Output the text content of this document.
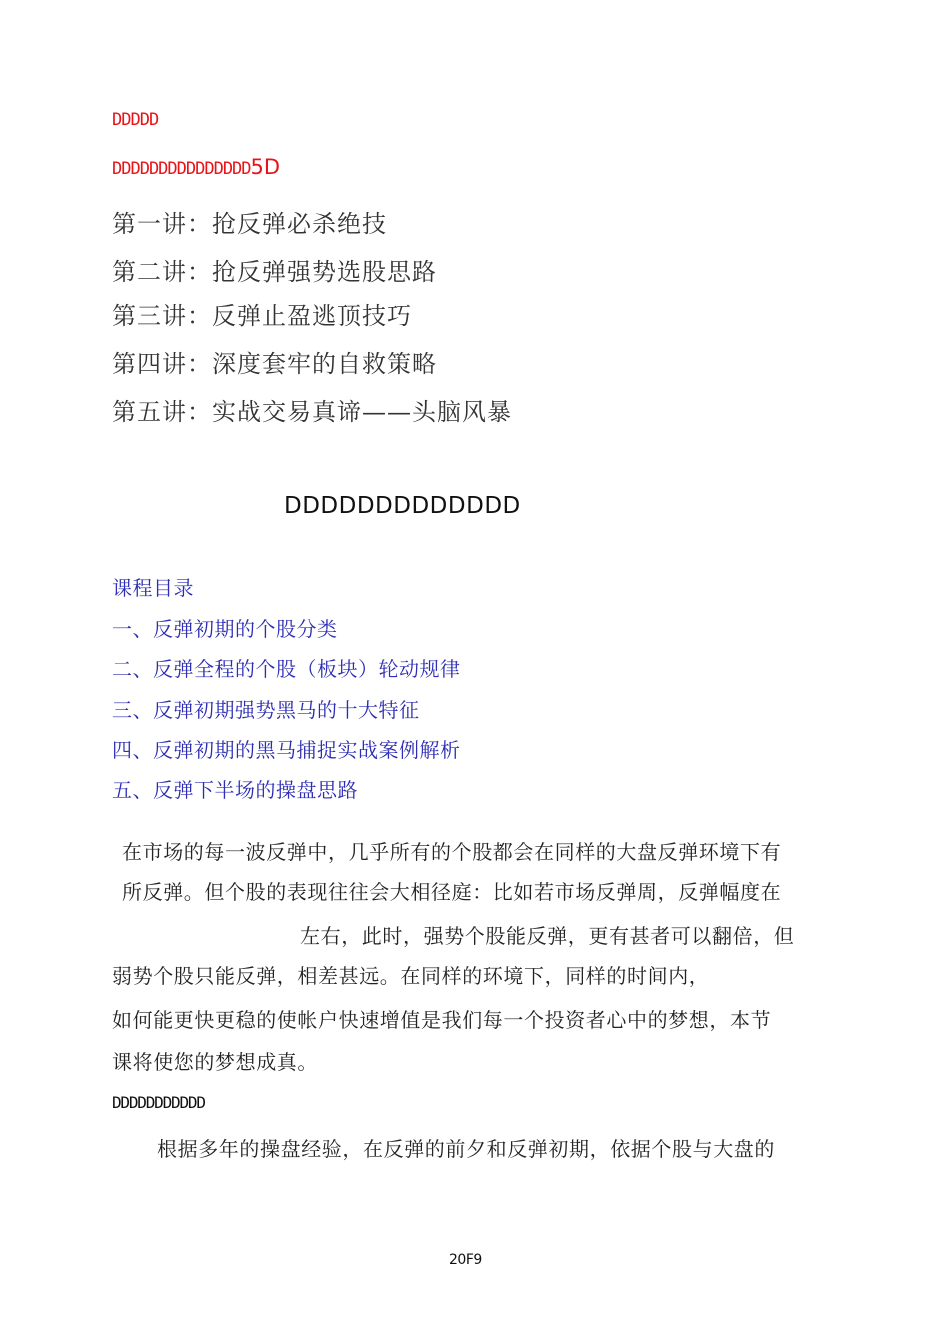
DDDDD
DDDDDDDDDDDDDDD5D
第一讲：抢反弹必杀绝技
第二讲：抢反弹强势选股思路
第三讲：反弹止盈逃顶技巧
第四讲：深度套牢的自救策略
第五讲：实战交易真谛——头脑风暴
DDDDDDDDDDDDD
课程目录
一、反弹初期的个股分类
二、反弹全程的个股（板块）轮动规律
三、反弹初期强势黑马的十大特征
四、反弹初期的黑马捕捉实战案例解析
五、反弹下半场的操盘思路
在市场的每一波反弹中，几乎所有的个股都会在同样的大盘反弹环境下有
所反弹。但个股的表现往往会大相径庭：比如若市场反弹周，反弹幅度在
左右，此时，强势个股能反弹，更有甚者可以翻倍，但
弱势个股只能反弹，相差甚远。在同样的环境下，同样的时间内，
如何能更快更稳的使帐户快速增值是我们每一个投资者心中的梦想，本节
课将使您的梦想成真。
DDDDDDDDDDD
根据多年的操盘经验，在反弹的前夕和反弹初期，依据个股与大盘的
20F9
